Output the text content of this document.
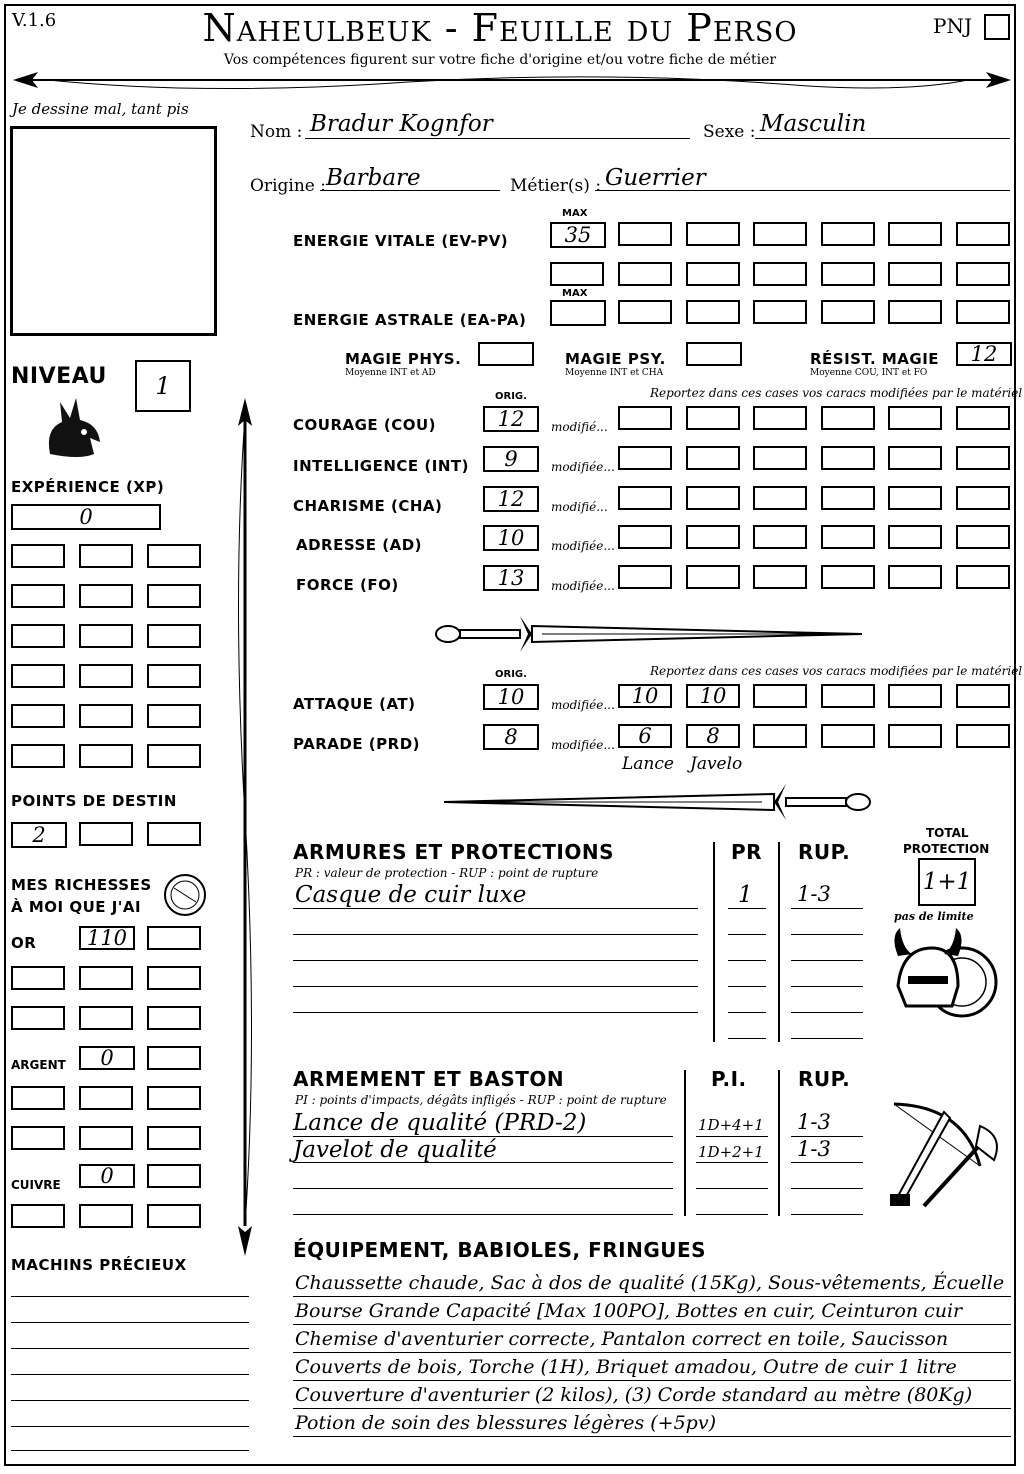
V.1.6	Naheulbeuk - Feuille du Perso
Vos compétences figurent sur votre fiche d'origine et/ou votre fiche de métier
PNJ
Je dessine mal, tant pis
Nom : Bradur Kognfor	Sexe : Masculin
Origine : Barbare	Métier(s) : Guerrier
MAX
ENERGIE VITALE (EV-PV)	35
MAX
ENERGIE ASTRALE (EA-PA)
MAGIE PHYS.
Moyenne INT et AD
MAGIE PSY.
Moyenne INT et CHA
RÉSIST. MAGIE
Moyenne COU, INT et FO
12
NIVEAU	1
EXPÉRIENCE (XP)
0
POINTS DE DESTIN
2
MES RICHESSES
À MOI QUE J'AI
OR	110
ARGENT	0
CUIVRE	0
MACHINS PRÉCIEUX
ORIG.	Reportez dans ces cases vos caracs modifiées par le matériel
COURAGE (COU)	12	modifié...
INTELLIGENCE (INT)	9	modifiée...
CHARISME (CHA)	12	modifié...
ADRESSE (AD)	10	modifiée...
FORCE (FO)	13	modifiée...
ORIG.	Reportez dans ces cases vos caracs modifiées par le matériel
ATTAQUE (AT)	10	modifiée... 10	10
PARADE (PRD)	8	modifiée...	6	8
Lance Javelo
ARMURES ET PROTECTIONS
PR : valeur de protection - RUP : point de rupture
PR RUP.
Casque de cuir luxe	1 1-3
TOTAL
PROTECTION
1+1
pas de limite
ARMEMENT ET BASTON
PI : points d'impacts, dégâts infligés - RUP : point de rupture
P.I.	RUP.
Lance de qualité (PRD-2)	1D+4+1 1-3
Javelot de qualité	1D+2+1 1-3
ÉQUIPEMENT, BABIOLES, FRINGUES
Chaussette chaude, Sac à dos de qualité (15Kg), Sous-vêtements, Écuelle
Bourse Grande Capacité [Max 100PO], Bottes en cuir, Ceinturon cuir
Chemise d'aventurier correcte, Pantalon correct en toile, Saucisson
Couverts de bois, Torche (1H), Briquet amadou, Outre de cuir 1 litre
Couverture d'aventurier (2 kilos), (3) Corde standard au mètre (80Kg)
Potion de soin des blessures légères (+5pv)
